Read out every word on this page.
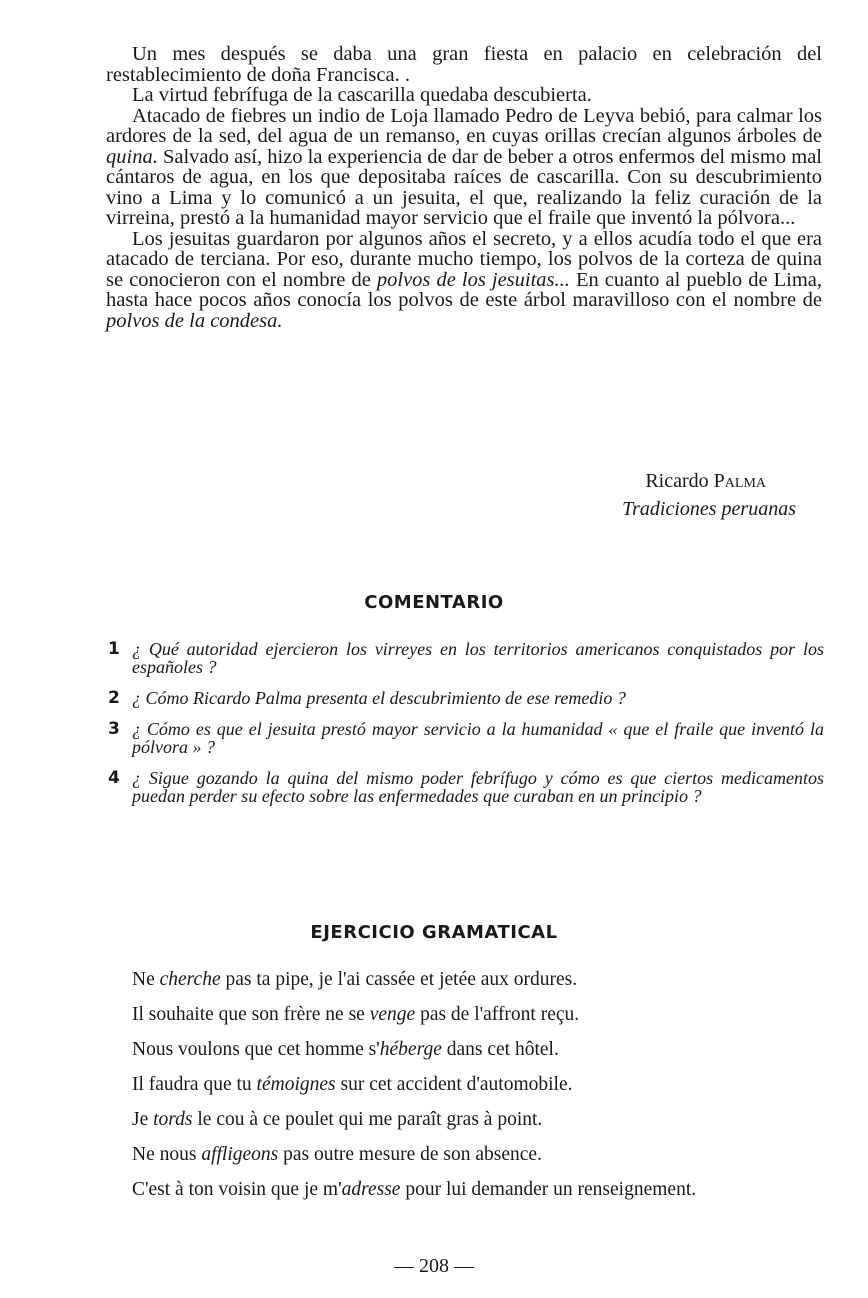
Un mes después se daba una gran fiesta en palacio en celebración del restablecimiento de doña Francisca. .

La virtud febrífuga de la cascarilla quedaba descubierta.

Atacado de fiebres un indio de Loja llamado Pedro de Leyva bebió, para calmar los ardores de la sed, del agua de un remanso, en cuyas orillas crecían algunos árboles de quina. Salvado así, hizo la experiencia de dar de beber a otros enfermos del mismo mal cántaros de agua, en los que depositaba raíces de cascarilla. Con su descubrimiento vino a Lima y lo comunicó a un jesuita, el que, realizando la feliz curación de la virreina, prestó a la humanidad mayor servicio que el fraile que inventó la pólvora...

Los jesuitas guardaron por algunos años el secreto, y a ellos acudía todo el que era atacado de terciana. Por eso, durante mucho tiempo, los polvos de la corteza de quina se conocieron con el nombre de polvos de los jesuitas... En cuanto al pueblo de Lima, hasta hace pocos años conocía los polvos de este árbol maravilloso con el nombre de polvos de la condesa.

Ricardo Palma
Tradiciones peruanas
COMENTARIO
1 ¿ Qué autoridad ejercieron los virreyes en los territorios americanos conquistados por los españoles ?
2 ¿ Cómo Ricardo Palma presenta el descubrimiento de ese remedio ?
3 ¿ Cómo es que el jesuita prestó mayor servicio a la humanidad « que el fraile que inventó la pólvora » ?
4 ¿ Sigue gozando la quina del mismo poder febrífugo y cómo es que ciertos medicamentos puedan perder su efecto sobre las enfermedades que curaban en un principio ?
EJERCICIO GRAMATICAL

Ne cherche pas ta pipe, je l'ai cassée et jetée aux ordures.

Il souhaite que son frère ne se venge pas de l'affront reçu.

Nous voulons que cet homme s'héberge dans cet hôtel.

Il faudra que tu témoignes sur cet accident d'automobile.

Je tords le cou à ce poulet qui me paraît gras à point.

Ne nous affligeons pas outre mesure de son absence.

C'est à ton voisin que je m'adresse pour lui demander un renseignement.

— 208 —
